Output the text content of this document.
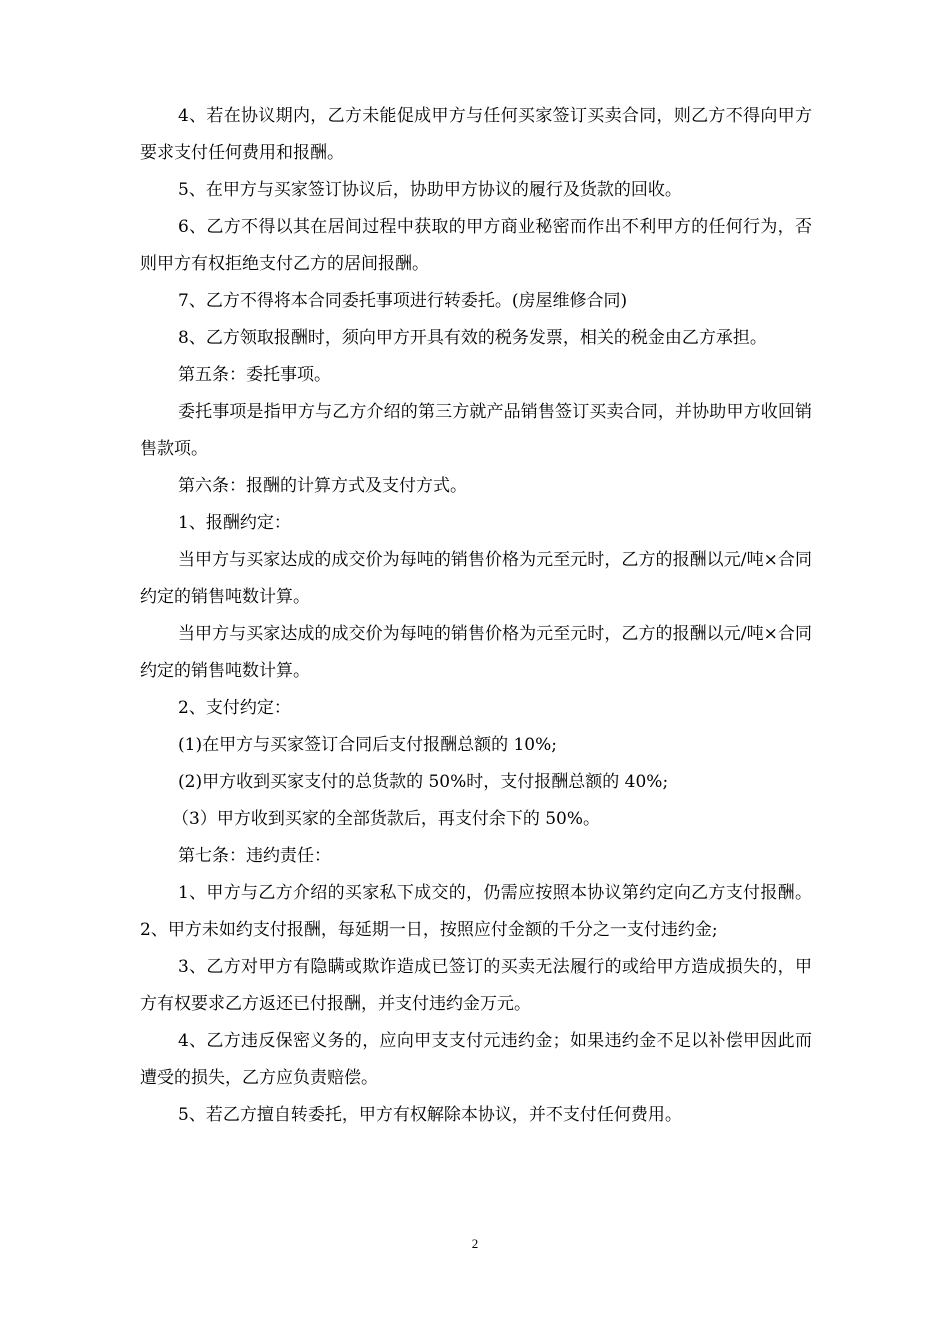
4、若在协议期内，乙方未能促成甲方与任何买家签订买卖合同，则乙方不得向甲方要求支付任何费用和报酬。

5、在甲方与买家签订协议后，协助甲方协议的履行及货款的回收。

6、乙方不得以其在居间过程中获取的甲方商业秘密而作出不利甲方的任何行为，否则甲方有权拒绝支付乙方的居间报酬。

7、乙方不得将本合同委托事项进行转委托。(房屋维修合同)

8、乙方领取报酬时，须向甲方开具有效的税务发票，相关的税金由乙方承担。

第五条：委托事项。

委托事项是指甲方与乙方介绍的第三方就产品销售签订买卖合同，并协助甲方收回销售款项。

第六条：报酬的计算方式及支付方式。

1、报酬约定：

当甲方与买家达成的成交价为每吨的销售价格为元至元时，乙方的报酬以元/吨×合同约定的销售吨数计算。

当甲方与买家达成的成交价为每吨的销售价格为元至元时，乙方的报酬以元/吨×合同约定的销售吨数计算。

2、支付约定：

(1)在甲方与买家签订合同后支付报酬总额的 10%;

(2)甲方收到买家支付的总货款的 50%时，支付报酬总额的 40%;

（3）甲方收到买家的全部货款后，再支付余下的 50%。

第七条：违约责任：

1、甲方与乙方介绍的买家私下成交的，仍需应按照本协议第约定向乙方支付报酬。2、甲方未如约支付报酬，每延期一日，按照应付金额的千分之一支付违约金;

3、乙方对甲方有隐瞒或欺诈造成已签订的买卖无法履行的或给甲方造成损失的，甲方有权要求乙方返还已付报酬，并支付违约金万元。

4、乙方违反保密义务的，应向甲支支付元违约金；如果违约金不足以补偿甲因此而遭受的损失，乙方应负责赔偿。

5、若乙方擅自转委托，甲方有权解除本协议，并不支付任何费用。

2
